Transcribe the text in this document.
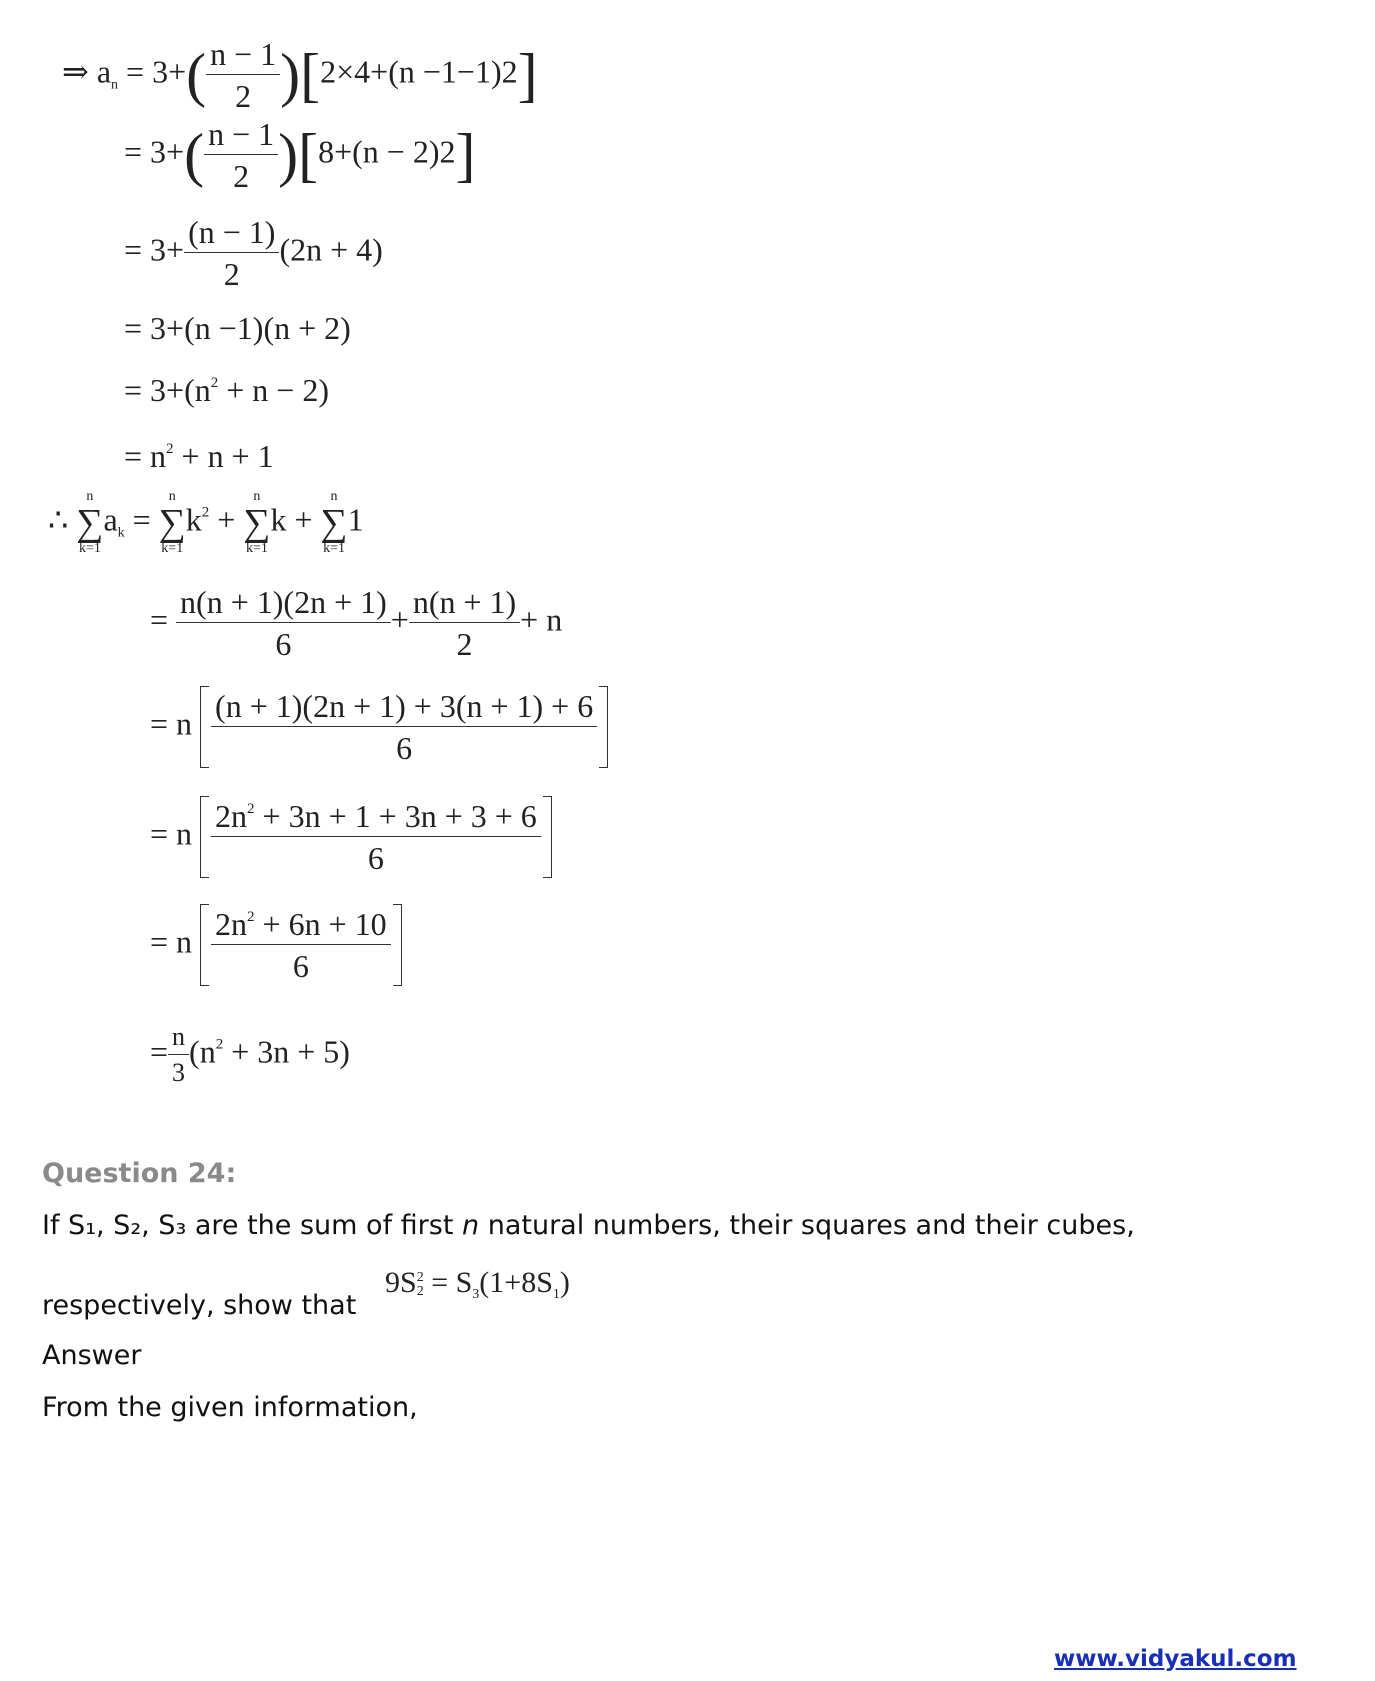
⇒ $a_n = 3+( \frac{n - 1}{2} )[2\times 4+(n -1-1)2]$
= $3+( \frac{n - 1}{2} )[8+(n - 2)2]$
= $3+ \frac{(n - 1)}{2} (2n + 4)$
= 3+(n −1)(n + 2)
= $3+(n^2 + n - 2)$
= $n^2 + n + 1$
∴
n
∑
k=1
$a_k$ =
n
∑
k=1
$k^2$ +
n
∑
k=1
k +
n
∑
k=1
1
= $\frac{n(n + 1)(2n + 1)}{6} + \frac{n(n + 1)}{2} + n$
= n $\frac{(n + 1)(2n + 1) + 3(n + 1) + 6}{6}$
= n $\frac{2n^2 + 3n + 1 + 3n + 3 + 6}{6}$
= n $\frac{2n^2 + 6n + 10}{6}$
= $\frac{n}{3} (n^2 + 3n + 5)$
Question 24:
If S₁, S₂, S₃ are the sum of first n natural numbers, their squares and their cubes,
respectively, show that
9S 2
$2 = S_3(1+8S_1)$
Answer
From the given information,
www.vidyakul.com
